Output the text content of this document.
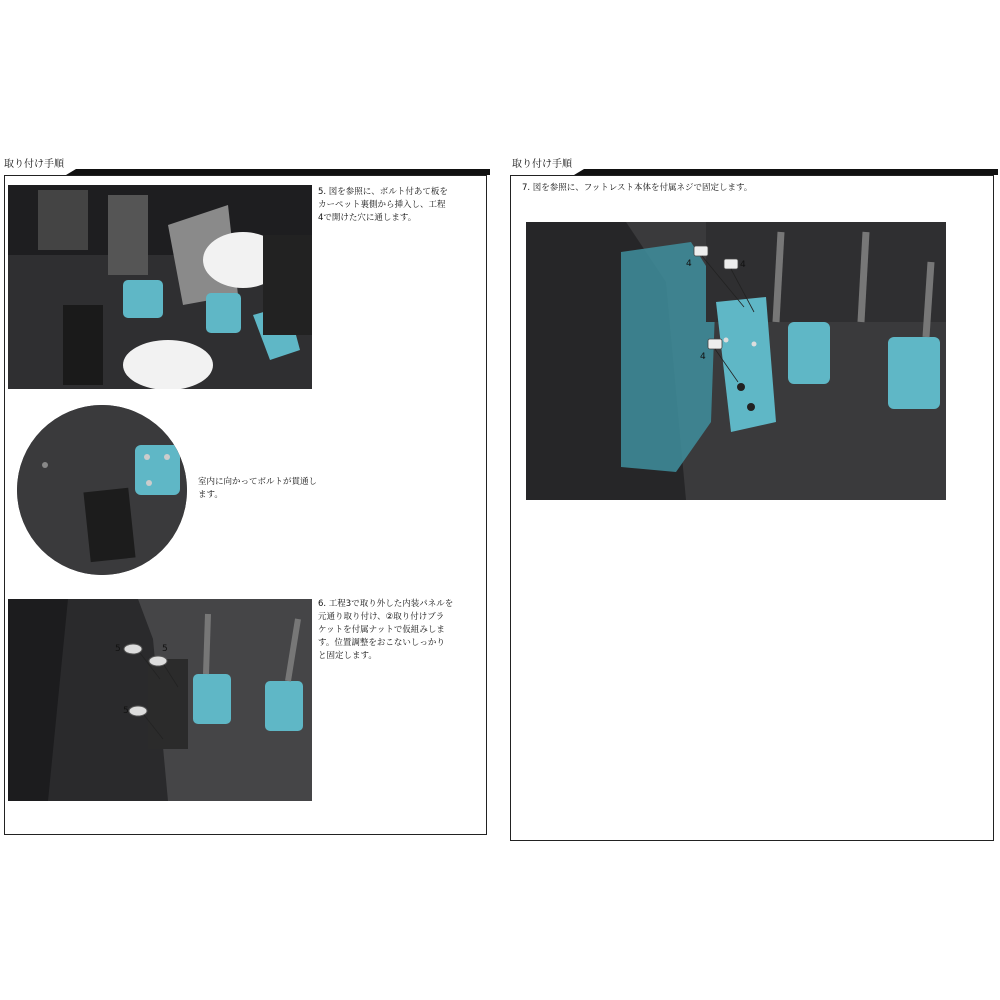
取り付け手順
5. 図を参照に、ボルト付あて板を
カーペット裏側から挿入し、工程
4で開けた穴に通します。
室内に向かってボルトが貫通し
ます。
5	5
5
6. 工程3で取り外した内装パネルを
元通り取り付け、②取り付けブラ
ケットを付属ナットで仮組みしま
す。位置調整をおこないしっかり
と固定します。
取り付け手順
7. 図を参照に、フットレスト本体を付属ネジで固定します。
4	4
4
